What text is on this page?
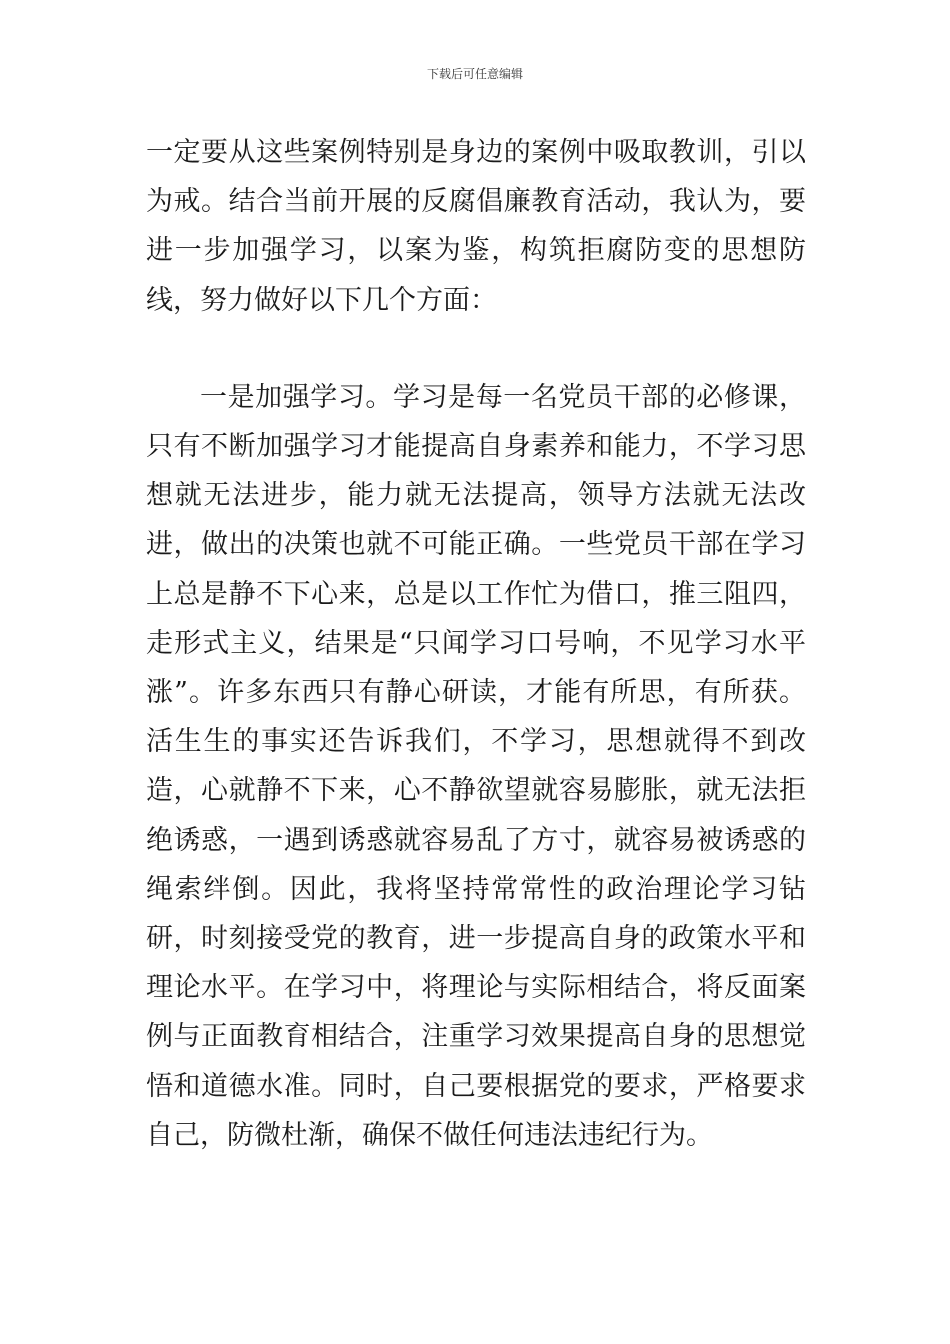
下载后可任意编辑

一定要从这些案例特别是身边的案例中吸取教训，引以为戒。结合当前开展的反腐倡廉教育活动，我认为，要进一步加强学习，以案为鉴，构筑拒腐防变的思想防线，努力做好以下几个方面：

一是加强学习。学习是每一名党员干部的必修课，只有不断加强学习才能提高自身素养和能力，不学习思想就无法进步，能力就无法提高，领导方法就无法改进，做出的决策也就不可能正确。一些党员干部在学习上总是静不下心来，总是以工作忙为借口，推三阻四，走形式主义，结果是“只闻学习口号响，不见学习水平涨”。许多东西只有静心研读，才能有所思，有所获。活生生的事实还告诉我们，不学习，思想就得不到改造，心就静不下来，心不静欲望就容易膨胀，就无法拒绝诱惑，一遇到诱惑就容易乱了方寸，就容易被诱惑的绳索绊倒。因此，我将坚持常常性的政治理论学习钻研，时刻接受党的教育，进一步提高自身的政策水平和理论水平。在学习中，将理论与实际相结合，将反面案例与正面教育相结合，注重学习效果提高自身的思想觉悟和道德水准。同时，自己要根据党的要求，严格要求自己，防微杜渐，确保不做任何违法违纪行为。
